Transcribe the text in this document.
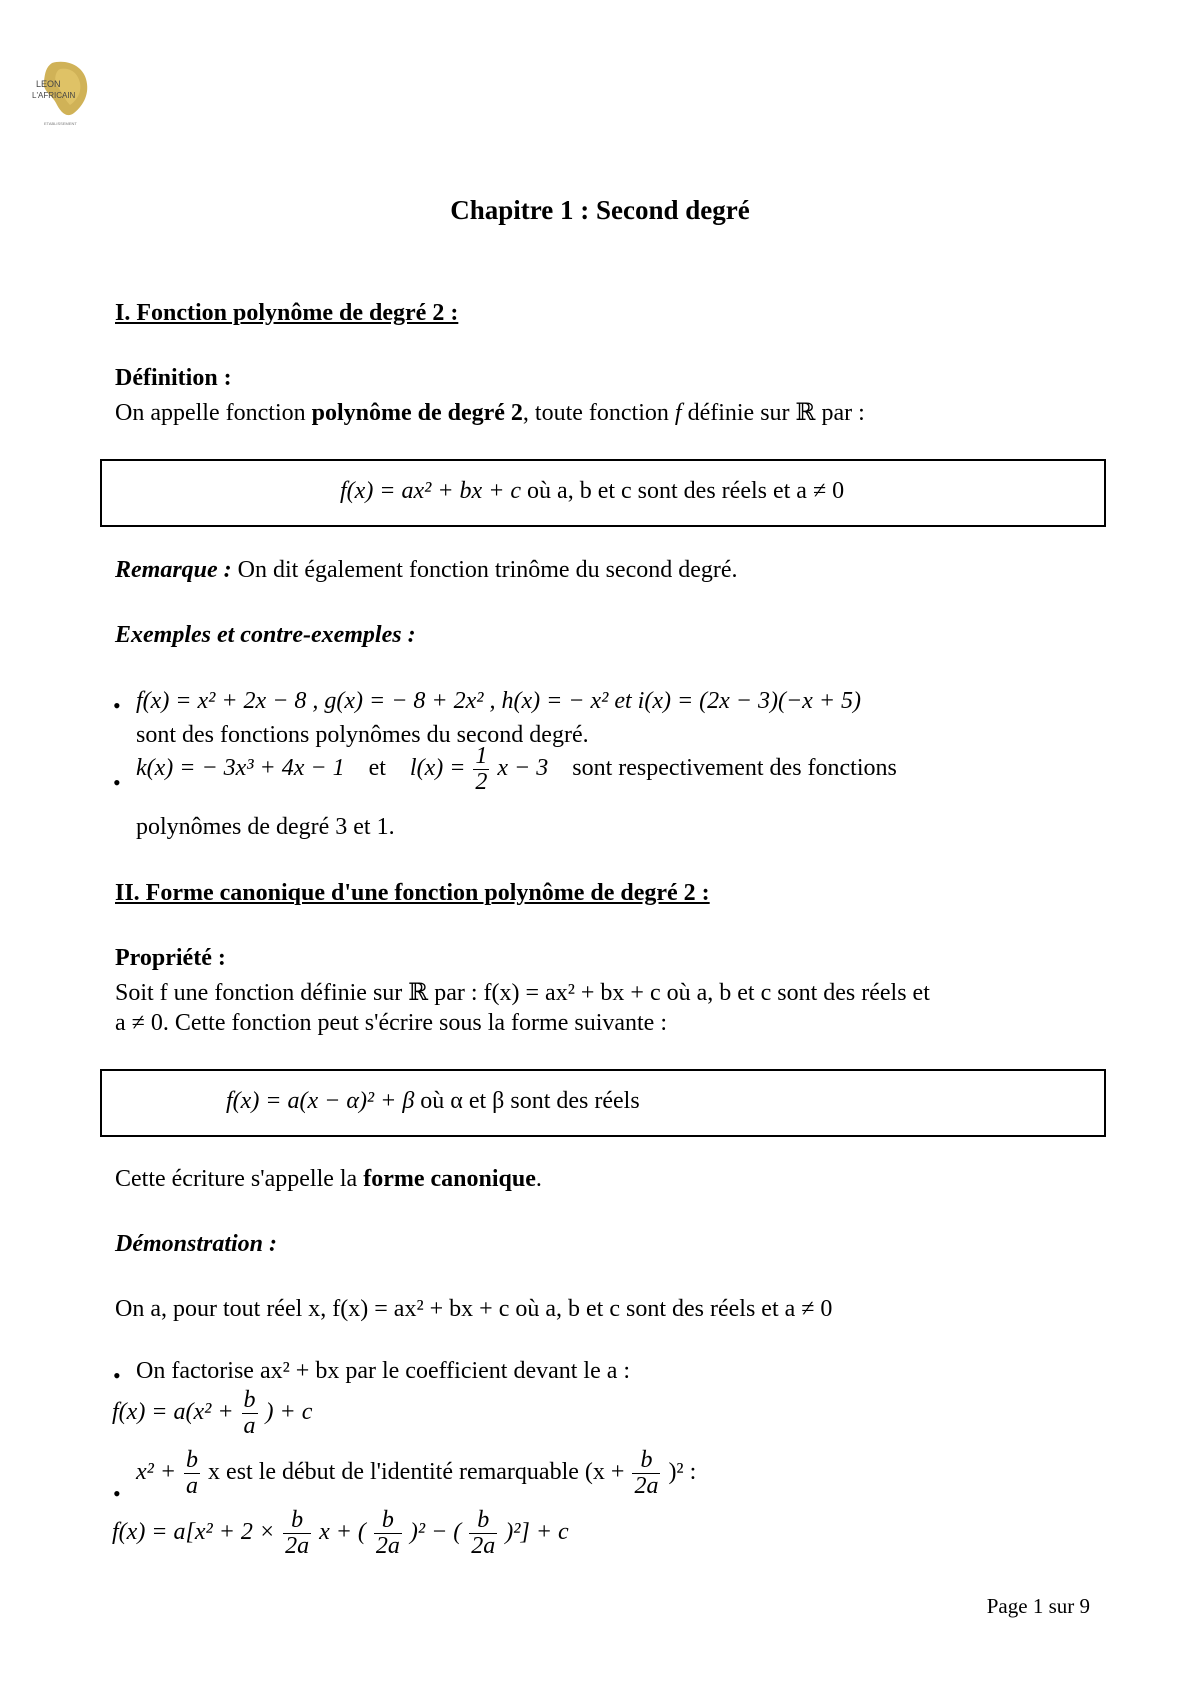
LEON
L'AFRICAIN
ETABLISSEMENT
Chapitre 1 : Second degré
I. Fonction polynôme de degré 2 :
Définition :
On appelle fonction polynôme de degré 2, toute fonction f définie sur ℝ par :
f(x) = ax² + bx + c où a, b et c sont des réels et a ≠ 0
Remarque : On dit également fonction trinôme du second degré.
Exemples et contre-exemples :
• f(x) = x² + 2x − 8 , g(x) = − 8 + 2x² , h(x) = − x² et i(x) = (2x − 3)(−x + 5)
sont des fonctions polynômes du second degré.
•
k(x) = − 3x³ + 4x − 1 et $l(x) = \frac{1}{2}$ x − 3 sont respectivement des fonctions
polynômes de degré 3 et 1.
II. Forme canonique d'une fonction polynôme de degré 2 :
Propriété :
Soit f une fonction définie sur ℝ par : f(x) = ax² + bx + c où a, b et c sont des réels et
a ≠ 0. Cette fonction peut s'écrire sous la forme suivante :
f(x) = a(x − α)² + β où α et β sont des réels
Cette écriture s'appelle la forme canonique.
Démonstration :
On a, pour tout réel x, f(x) = ax² + bx + c où a, b et c sont des réels et a ≠ 0
• On factorise ax² + bx par le coefficient devant le a :
$f(x) = a(x^2 + \frac{b}{a}$ ) + c
•
$x^2 + \frac{b}{a}$ x est le début de l'identité remarquable $(x + \frac{b}{2a} )^2$ :
$f(x) = a[x^2 + 2 \times \frac{b}{2a}$ x + ( $\frac{b}{2a} )^2$ − ( $\frac{b}{2a} )^2] + c$
Page 1 sur 9
